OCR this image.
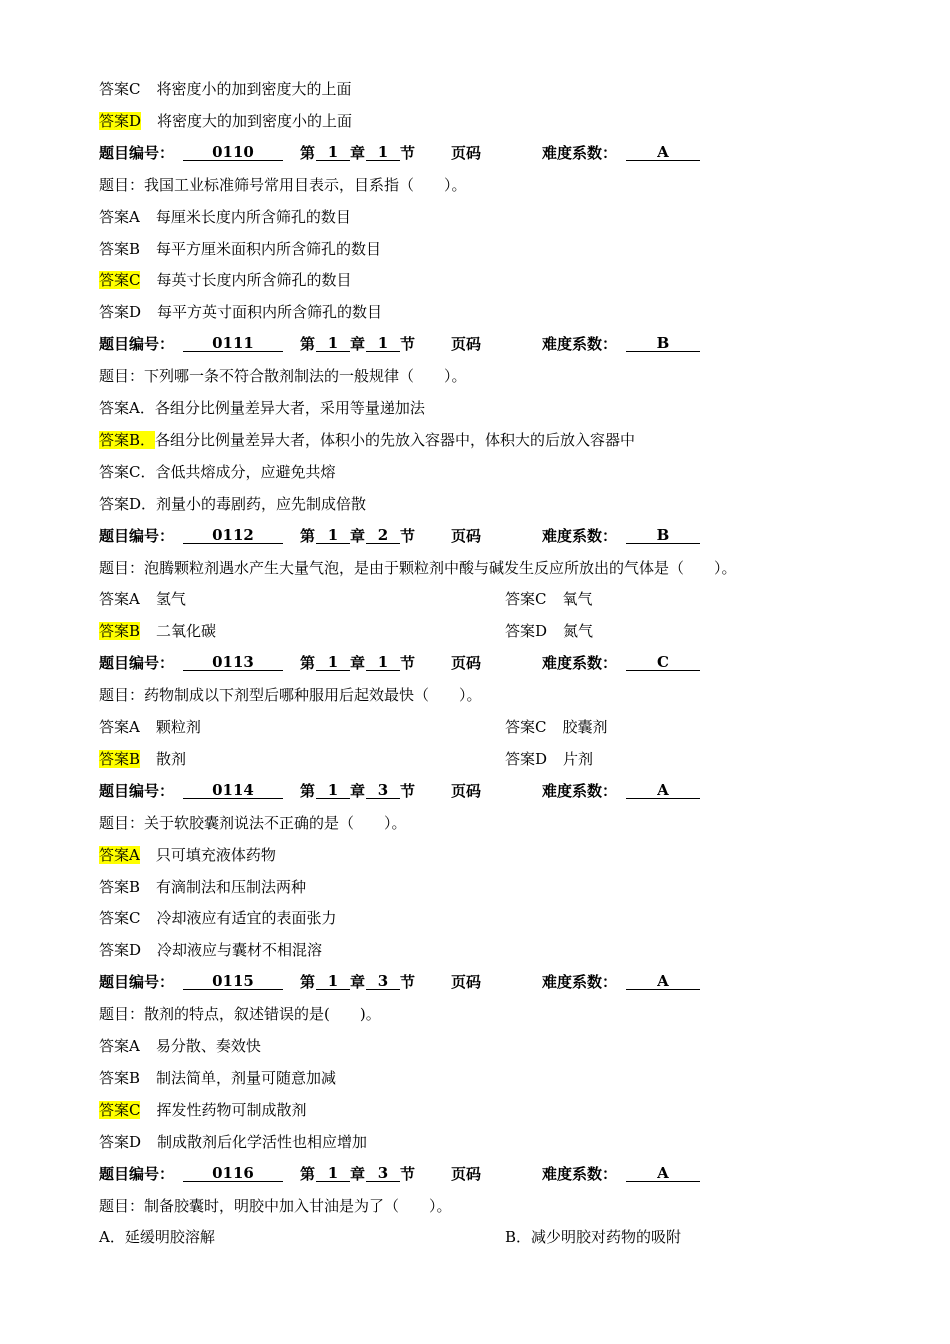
答案C 将密度小的加到密度大的上面
答案D 将密度大的加到密度小的上面
题目编号：	0110	第 1 章 1 节 页码	难度系数：	A
题目：我国工业标准筛号常用目表示，目系指（　　）。
答案A 每厘米长度内所含筛孔的数目
答案B 每平方厘米面积内所含筛孔的数目
答案C 每英寸长度内所含筛孔的数目
答案D 每平方英寸面积内所含筛孔的数目
题目编号：	0111	第 1 章 1 节 页码	难度系数：	B
题目：下列哪一条不符合散剂制法的一般规律（　　）。
答案A．各组分比例量差异大者，采用等量递加法
答案B．各组分比例量差异大者，体积小的先放入容器中，体积大的后放入容器中
答案C．含低共熔成分，应避免共熔
答案D．剂量小的毒剧药，应先制成倍散
题目编号：	0112	第 1 章 2 节 页码	难度系数：	B
题目：泡腾颗粒剂遇水产生大量气泡，是由于颗粒剂中酸与碱发生反应所放出的气体是（　　）。
答案A 氢气	答案C 氧气
答案B 二氧化碳	答案D 氮气
题目编号：	0113	第 1 章 1 节 页码	难度系数：	C
题目：药物制成以下剂型后哪种服用后起效最快（　　）。
答案A 颗粒剂	答案C 胶囊剂
答案B 散剂	答案D 片剂
题目编号：	0114	第 1 章 3 节 页码	难度系数：	A
题目：关于软胶囊剂说法不正确的是（　　）。
答案A 只可填充液体药物
答案B 有滴制法和压制法两种
答案C 冷却液应有适宜的表面张力
答案D 冷却液应与囊材不相混溶
题目编号：	0115	第 1 章 3 节 页码	难度系数：	A
题目：散剂的特点，叙述错误的是(　　)。
答案A 易分散、奏效快
答案B 制法简单，剂量可随意加减
答案C 挥发性药物可制成散剂
答案D 制成散剂后化学活性也相应增加
题目编号：	0116	第 1 章 3 节 页码	难度系数：	A
题目：制备胶囊时，明胶中加入甘油是为了（　　）。
A．延缓明胶溶解	B．减少明胶对药物的吸附
